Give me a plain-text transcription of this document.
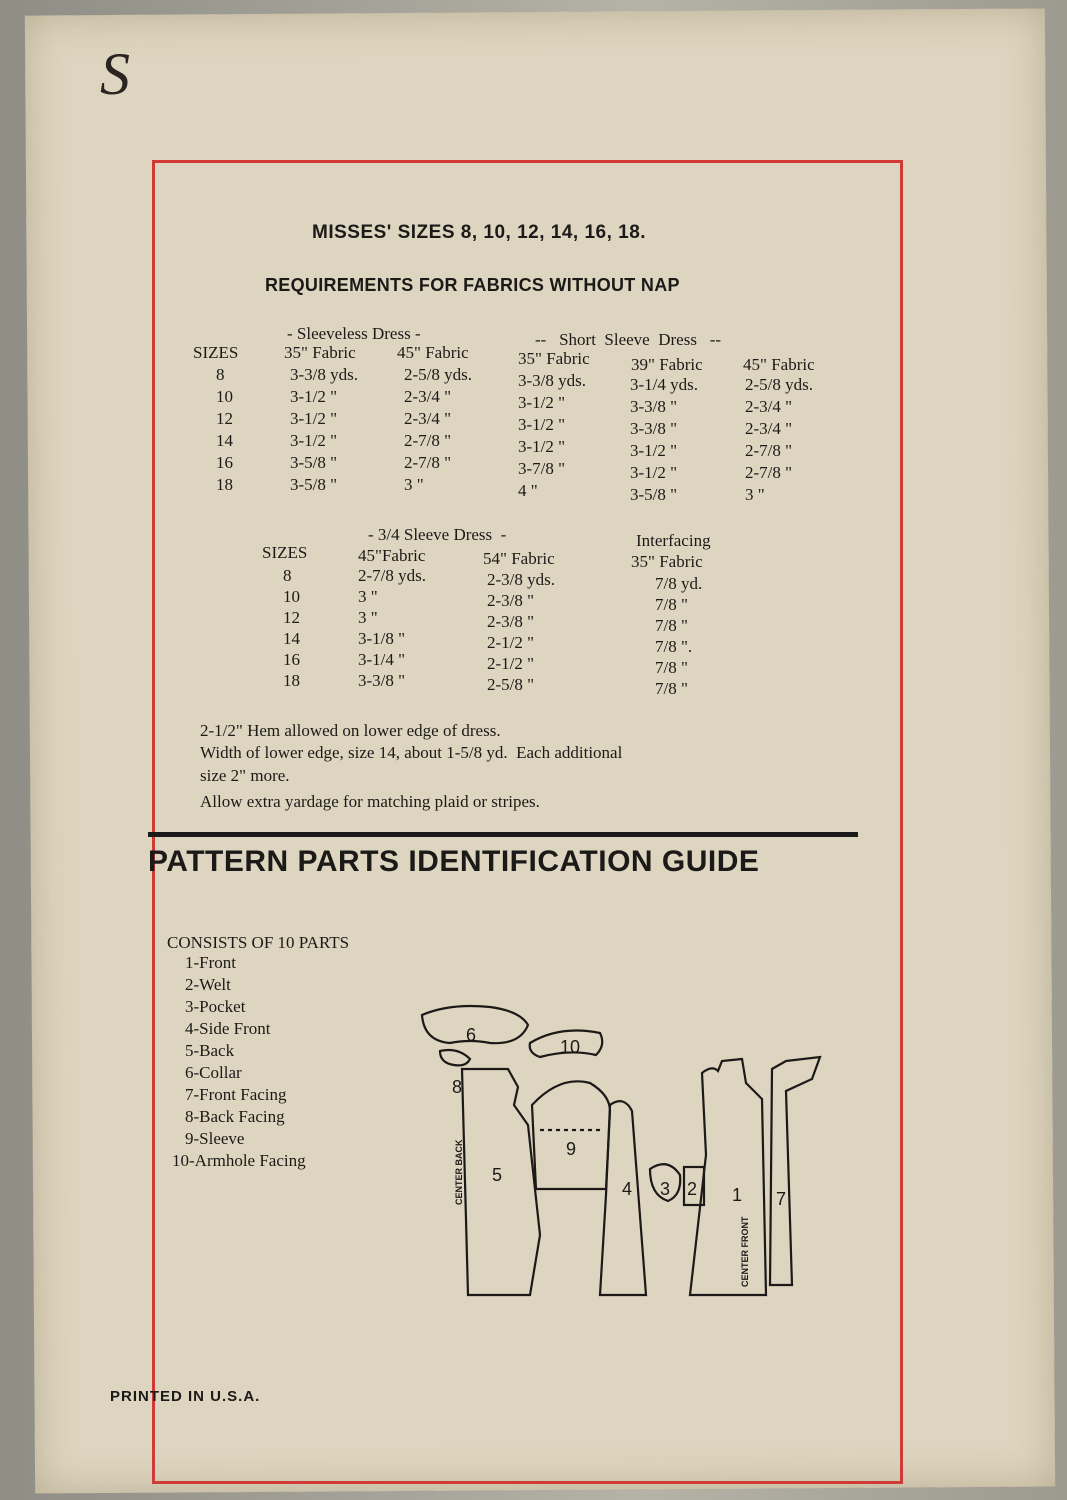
S
MISSES' SIZES 8, 10, 12, 14, 16, 18.
REQUIREMENTS FOR FABRICS WITHOUT NAP
- Sleeveless Dress -	--   Short  Sleeve  Dress   --
SIZES	35" Fabric 45" Fabric	35" Fabric 39" Fabric 45" Fabric
8	3-3/8 yds.	2-5/8 yds.	3-3/8 yds.	3-1/4 yds.	2-5/8 yds.
10	3-1/2 "	2-3/4 "	3-1/2 "	3-3/8 "	2-3/4 "
12	3-1/2 "	2-3/4 "	3-1/2 "	3-3/8 "	2-3/4 "
14	3-1/2 "	2-7/8 "	3-1/2 "	3-1/2 "	2-7/8 "
16	3-5/8 "	2-7/8 "	3-7/8 "	3-1/2 "	2-7/8 "
18	3-5/8 "	3 "	4 "	3-5/8 "	3 "
- 3/4 Sleeve Dress  -	Interfacing
SIZES	45"Fabric	54" Fabric	35" Fabric
8	2-7/8 yds.	2-3/8 yds.	7/8 yd.
10	3 "	2-3/8 "	7/8 "
12	3 "	2-3/8 "	7/8 "
14	3-1/8 "	2-1/2 "	7/8 ".
16	3-1/4 "	2-1/2 "	7/8 "
18	3-3/8 "	2-5/8 "	7/8 "
2-1/2" Hem allowed on lower edge of dress.
Width of lower edge, size 14, about 1-5/8 yd.  Each additional
size 2" more.
Allow extra yardage for matching plaid or stripes.
PATTERN PARTS IDENTIFICATION GUIDE
CONSISTS OF 10 PARTS
1-Front
2-Welt
3-Pocket
4-Side Front
5-Back
6-Collar
7-Front Facing
8-Back Facing
9-Sleeve
10-Armhole Facing
6
10
8
5
9
4 3 2 1 7
CENTER BACK
CENTER FRONT
PRINTED IN U.S.A.
